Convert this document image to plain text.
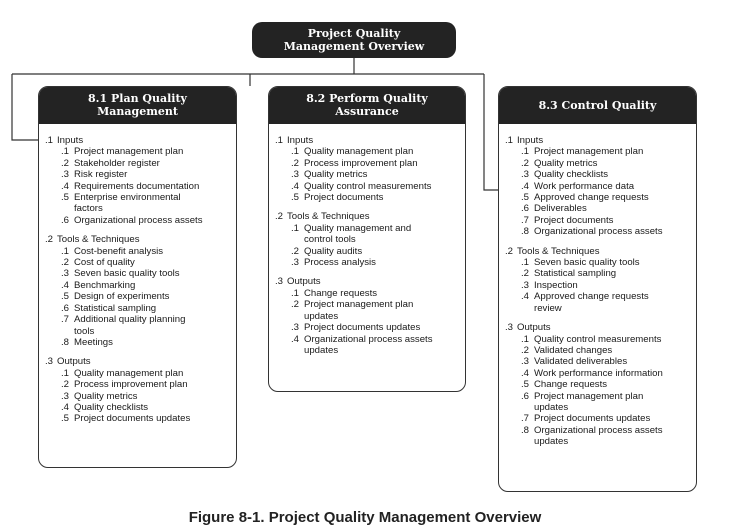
Project Quality
Management Overview
8.1 Plan Quality
Management
.1 Inputs
.1 Project management plan
.2 Stakeholder register
.3 Risk register
.4 Requirements documentation
.5 Enterprise environmental
factors
.6 Organizational process assets
.2 Tools & Techniques
.1 Cost-benefit analysis
.2 Cost of quality
.3 Seven basic quality tools
.4 Benchmarking
.5 Design of experiments
.6 Statistical sampling
.7 Additional quality planning
tools
.8 Meetings
.3 Outputs
.1 Quality management plan
.2 Process improvement plan
.3 Quality metrics
.4 Quality checklists
.5 Project documents updates
8.2 Perform Quality
Assurance
.1 Inputs
.1 Quality management plan
.2 Process improvement plan
.3 Quality metrics
.4 Quality control measurements
.5 Project documents
.2 Tools & Techniques
.1 Quality management and
control tools
.2 Quality audits
.3 Process analysis
.3 Outputs
.1 Change requests
.2 Project management plan
updates
.3 Project documents updates
.4 Organizational process assets
updates
8.3 Control Quality
.1 Inputs
.1 Project management plan
.2 Quality metrics
.3 Quality checklists
.4 Work performance data
.5 Approved change requests
.6 Deliverables
.7 Project documents
.8 Organizational process assets
.2 Tools & Techniques
.1 Seven basic quality tools
.2 Statistical sampling
.3 Inspection
.4 Approved change requests
review
.3 Outputs
.1 Quality control measurements
.2 Validated changes
.3 Validated deliverables
.4 Work performance information
.5 Change requests
.6 Project management plan
updates
.7 Project documents updates
.8 Organizational process assets
updates
Figure 8-1. Project Quality Management Overview
